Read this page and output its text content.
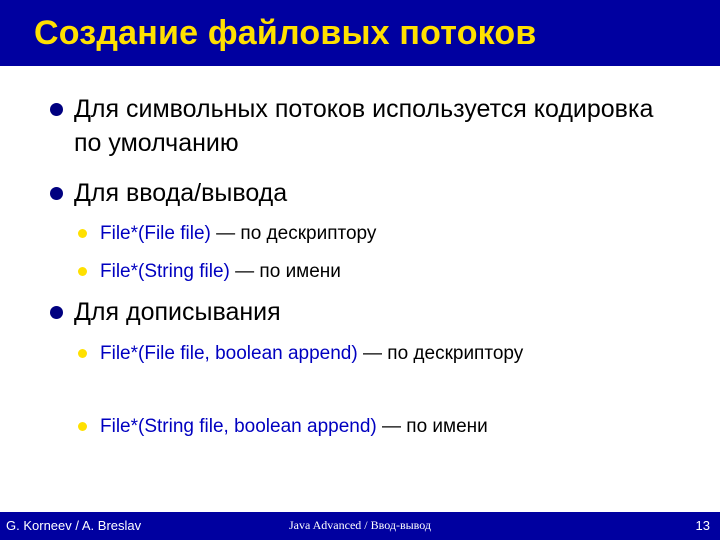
Создание файловых потоков
Для символьных потоков используется кодировка по умолчанию
Для ввода/вывода
File*(File file) — по дескриптору
File*(String file) — по имени
Для дописывания
File*(File file, boolean append) — по дескриптору
File*(String file, boolean append) — по имени
G. Korneev / A. Breslav	Java Advanced / Ввод-вывод	13
